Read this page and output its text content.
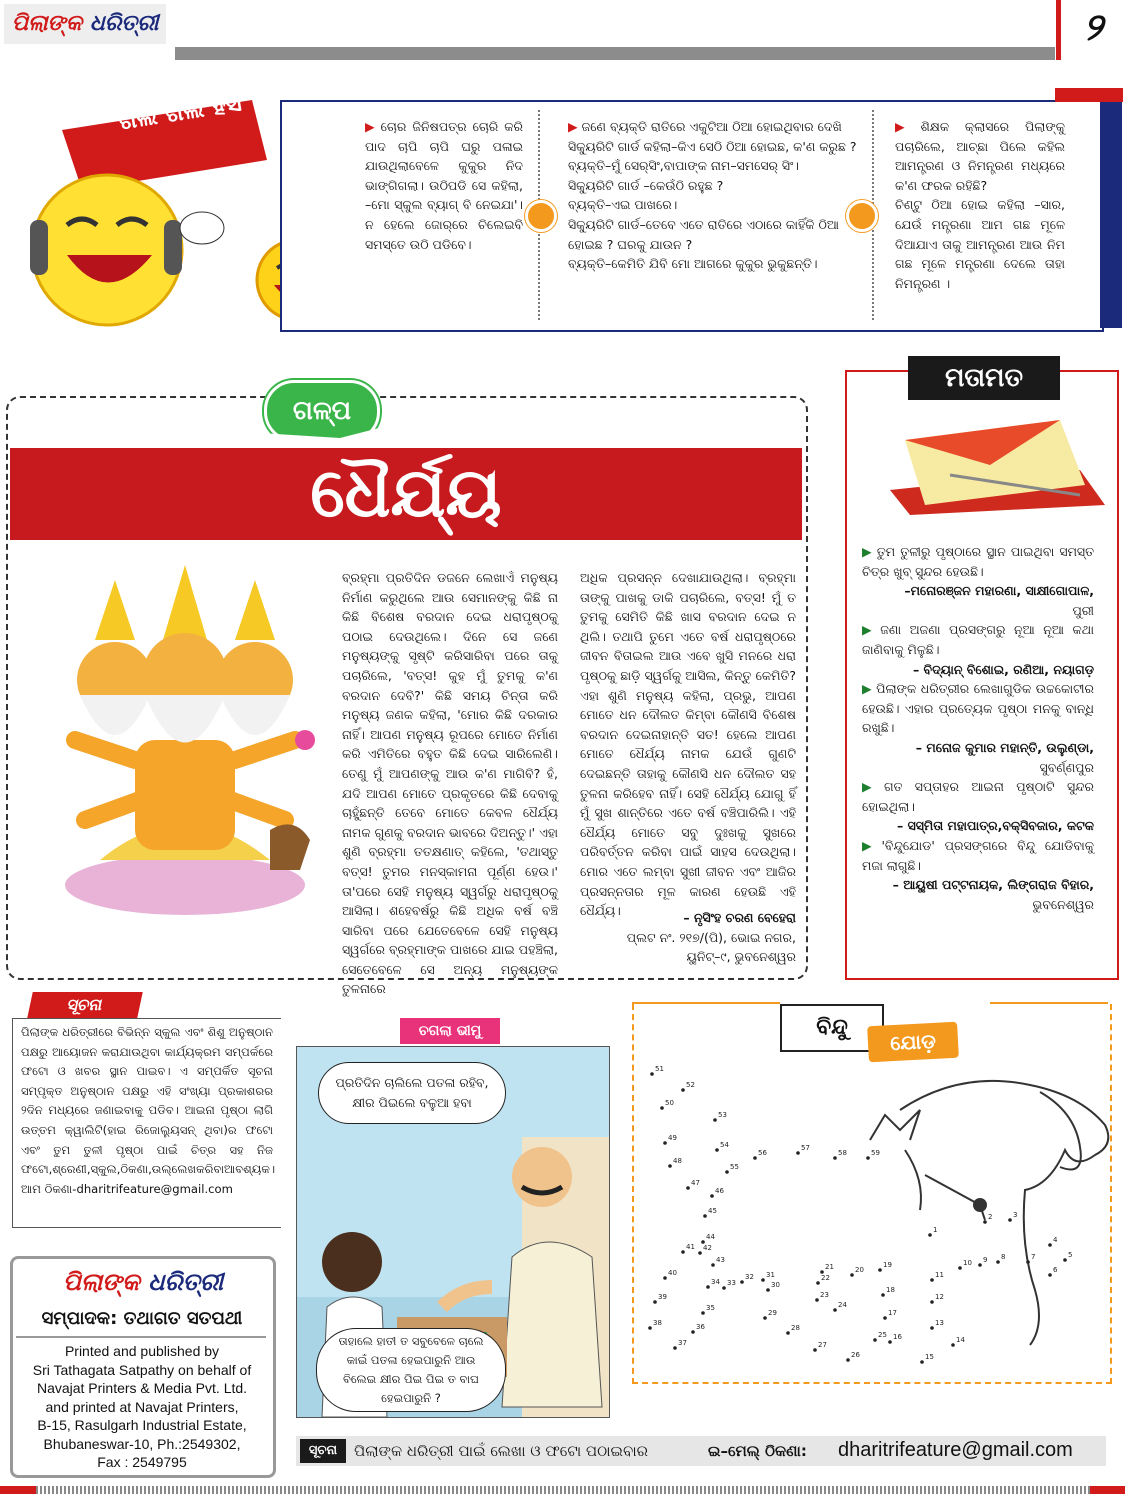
ପିଲାଙ୍କ ଧରିତ୍ରୀ	୨
ଖିଲି ଖିଲି ହସ	▶ ଚୋର ଜିନିଷପତ୍ର ଚୋରି କରି ପାଦ ଚାପି ଚାପି ଘରୁ ପଳାଇ ଯାଉଥିଲାବେଳେ କୁକୁର ନିଦ ଭାଙ୍ଗିଗଲା। ଉଠିପଡି ସେ କହିଲା, –ମୋ ସ୍କୁଲ ବ୍ୟାଗ୍ ବି ନେଇଯା'। ନ ହେଲେ ଜୋର୍‌ରେ ଚିଲେଇବି ସମସ୍ତେ ଉଠି ପଡିବେ।
▶ ଜଣେ ବ୍ୟକ୍ତି ରାତିରେ ଏକୁଟିଆ ଠିଆ ହୋଇଥିବାର ଦେଖି ସିକ୍ୟୁରିଟି ଗାର୍ଡ କହିଲା–କିଏ ସେଠି ଠିଆ ହୋଇଛ, କ'ଣ କରୁଛ ?
ବ୍ୟକ୍ତି–ମୁଁ ସେର୍‌ସିଂ,ବାପାଙ୍କ ନାମ–ସମସେର୍ ସିଂ।
ସିକ୍ୟୁରିଟି ଗାର୍ଡ –କେଉଁଠି ରହୁଛ ?
ବ୍ୟକ୍ତି–ଏଇ ପାଖରେ।
ସିକ୍ୟୁରିଟି ଗାର୍ଡ–ତେବେ ଏତେ ରାତିରେ ଏଠାରେ କାହିଁକି ଠିଆ ହୋଇଛ ? ଘରକୁ ଯାଉନ ?
ବ୍ୟକ୍ତି–କେମିତି ଯିବି ମୋ ଆଗରେ କୁକୁର ଭୁକୁଛନ୍ତି।
▶ ଶିକ୍ଷକ କ୍ଲାସରେ ପିଲାଙ୍କୁ ପଚାରିଲେ, ଆଚ୍ଛା ପିଲେ କହିଲ ଆମନ୍ତ୍ରଣ ଓ ନିମନ୍ତ୍ରଣ ମଧ୍ୟରେ କ'ଣ ଫରକ ରହିଛି?
ଚିଣ୍ଟୁ ଠିଆ ହୋଇ କହିଲା –ସାର, ଯେଉଁ ମନ୍ତ୍ରଣା ଆମ ଗଛ ମୂଳେ ଦିଆଯାଏ ତାକୁ ଆମନ୍ତ୍ରଣ ଆଉ ନିମ ଗଛ ମୂଳେ ମନ୍ତ୍ରଣା ଦେଲେ ତାହା ନିମନ୍ତ୍ରଣ ।
ଗଳ୍ପ
ଧୈର୍ଯ୍ୟ

ବ୍ରହ୍ମା ପ୍ରତିଦିନ ଡଜନେ ଲେଖାଏଁ ମନୁଷ୍ୟ ନିର୍ମାଣ କରୁଥିଲେ ଆଉ ସେମାନଙ୍କୁ କିଛି ନା କିଛି ବିଶେଷ ବରଦାନ ଦେଇ ଧରାପୃଷ୍ଠକୁ ପଠାଇ ଦେଉଥିଲେ। ଦିନେ ସେ ଜଣେ ମନୁଷ୍ୟଙ୍କୁ ସୃଷ୍ଟି କରିସାରିବା ପରେ ତାକୁ ପଚାରିଲେ, 'ବତ୍ସ! କୁହ ମୁଁ ତୁମକୁ କ'ଣ ବରଦାନ ଦେବି?' କିଛି ସମୟ ଚିନ୍ତା କରି ମନୁଷ୍ୟ ଜଣକ କହିଲା, 'ମୋର କିଛି ଦରକାର ନାହିଁ। ଆପଣ ମନୁଷ୍ୟ ରୂପରେ ମୋତେ ନିର୍ମାଣ କରି ଏମିତିରେ ବହୁତ କିଛି ଦେଇ ସାରିଲେଣି। ତେଣୁ ମୁଁ ଆପଣଙ୍କୁ ଆଉ କ'ଣ ମାଗିବି? ହଁ, ଯଦି ଆପଣ ମୋତେ ପ୍ରକୃତରେ କିଛି ଦେବାକୁ ଚାହୁଁଛନ୍ତି ତେବେ ମୋତେ କେବଳ ଧୈର୍ଯ୍ୟ ନାମକ ଗୁଣକୁ ବରଦାନ ଭାବରେ ଦିଅନ୍ତୁ।' ଏହା ଶୁଣି ବ୍ରହ୍ମା ତତକ୍ଷଣାତ୍ କହିଲେ, 'ତଥାସ୍ତୁ ବତ୍ସ! ତୁମର ମନସ୍କାମନା ପୂର୍ଣ୍ଣ ହେଉ।' ତା'ପରେ ସେହି ମନୁଷ୍ୟ ସ୍ୱର୍ଗରୁ ଧରାପୃଷ୍ଠକୁ ଆସିଲା। ଶହେବର୍ଷରୁ କିଛି ଅଧିକ ବର୍ଷ ବଞ୍ଚି ସାରିବା ପରେ ଯେତେବେଳେ ସେହି ମନୁଷ୍ୟ ସ୍ୱର୍ଗରେ ବ୍ରହ୍ମାଙ୍କ ପାଖରେ ଯାଇ ପହଞ୍ଚିଲା, ସେତେବେଳେ ସେ ଅନ୍ୟ ମନୁଷ୍ୟଙ୍କ ତୁଳନାରେ

ଅଧିକ ପ୍ରସନ୍ନ ଦେଖାଯାଉଥିଲା। ବ୍ରହ୍ମା ତାଙ୍କୁ ପାଖକୁ ଡାକି ପଚାରିଲେ, ବତ୍ସ! ମୁଁ ତ ତୁମକୁ ସେମିତି କିଛି ଖାସ ବରଦାନ ଦେଇ ନ ଥିଲି। ତଥାପି ତୁମେ ଏତେ ବର୍ଷ ଧରାପୃଷ୍ଠରେ ଜୀବନ ବିତାଇଲ ଆଉ ଏବେ ଖୁସି ମନରେ ଧରା ପୃଷ୍ଠକୁ ଛାଡ଼ି ସ୍ୱର୍ଗକୁ ଆସିଲ, କିନ୍ତୁ କେମିତି? ଏହା ଶୁଣି ମନୁଷ୍ୟ କହିଲା, ପ୍ରଭୁ, ଆପଣ ମୋତେ ଧନ ଦୌଲତ କିମ୍ବା କୌଣସି ବିଶେଷ ବରଦାନ ଦେଇନାହାନ୍ତି ସତ! ହେଲେ ଆପଣ ମୋତେ ଧୈର୍ଯ୍ୟ ନାମକ ଯେଉଁ ଗୁଣଟି ଦେଇଛନ୍ତି ତାହାକୁ କୌଣସି ଧନ ଦୌଲତ ସହ ତୁଳନା କରିହେବ ନାହିଁ। ସେହି ଧୈର୍ଯ୍ୟ ଯୋଗୁ ହିଁ ମୁଁ ସୁଖ ଶାନ୍ତିରେ ଏତେ ବର୍ଷ ବଞ୍ଚିପାରିଲି। ଏହି ଧୈର୍ଯ୍ୟ ମୋତେ ସବୁ ଦୁଃଖକୁ ସୁଖରେ ପରିବର୍ତ୍ତନ କରିବା ପାଇଁ ସାହସ ଦେଉଥିଲା। ମୋର ଏତେ ଲମ୍ବା ସୁଖୀ ଜୀବନ ଏବଂ ଆଜିର ପ୍ରସନ୍ନତାର ମୂଳ କାରଣ ହେଉଛି ଏହି ଧୈର୍ଯ୍ୟ।	– ନୃସିଂହ ଚରଣ ବେହେରା
ପ୍ଲଟ ନଂ. ୨୧୭/(ପି), ଭୋଇ ନଗର,
ୟୁନିଟ୍–୯, ଭୁବନେଶ୍ୱର
ମତାମତ
▶ ତୁମ ତୁଳୀରୁ ପୃଷ୍ଠାରେ ସ୍ଥାନ ପାଇଥିବା ସମସ୍ତ ଚିତ୍ର ଖୁବ୍ ସୁନ୍ଦର ହେଉଛି।
–ମନୋରଞ୍ଜନ ମହାରଣା, ସାକ୍ଷୀଗୋପାଳ,
ପୁରୀ
▶ ଜଣା ଅଜଣା ପ୍ରସଙ୍ଗରୁ ନୂଆ ନୂଆ କଥା ଜାଣିବାକୁ ମିଳୁଛି।
– ବିଦ୍ୟାନ୍ ବିଶୋଇ, ରଣିଆ, ନୟାଗଡ଼
▶ ପିଲାଙ୍କ ଧରିତ୍ରୀର ଲେଖାଗୁଡିକ ଉଚ୍ଚକୋଟୀର ହେଉଛି। ଏହାର ପ୍ରତ୍ୟେକ ପୃଷ୍ଠା ମନକୁ ବାନ୍ଧି ରଖୁଛି।
– ମନୋଜ କୁମାର ମହାନ୍ତି, ଉଲୁଣ୍ଡା,
ସୁବର୍ଣ୍ଣପୁର
▶ ଗତ ସପ୍ତାହର ଆଇନା ପୃଷ୍ଠାଟି ସୁନ୍ଦର ହୋଇଥିଲା।
– ସସ୍ମିତା ମହାପାତ୍ର,ବକ୍ସିବଜାର, କଟକ
▶ 'ବିନ୍ଦୁଯୋଡ' ପ୍ରସଙ୍ଗରେ ବିନ୍ଦୁ ଯୋଡିବାକୁ ମଜା ଲାଗୁଛି।
– ଆୟୁଷୀ ପଟ୍ଟନାୟକ, ଲିଙ୍ଗରାଜ ବିହାର,
ଭୁବନେଶ୍ୱର
ସୂଚନା
ପିଲାଙ୍କ ଧରିତ୍ରୀରେ ବିଭିନ୍ନ ସ୍କୁଲ ଏବଂ ଶିଶୁ ଅନୁଷ୍ଠାନ ପକ୍ଷରୁ ଆୟୋଜନ କରାଯାଉଥିବା କାର୍ଯ୍ୟକ୍ରମ ସମ୍ପର୍କରେ ଫଟୋ ଓ ଖବର ସ୍ଥାନ ପାଇବ। ଏ ସମ୍ପର୍କିତ ସୂଚନା ସମ୍ପୃକ୍ତ ଅନୁଷ୍ଠାନ ପକ୍ଷରୁ ଏହି ସଂଖ୍ୟା ପ୍ରକାଶରର ୨ଦିନ ମଧ୍ୟରେ ଜଣାଇବାକୁ ପଡିବ। ଆଇନା ପୃଷ୍ଠା ଲାଗି ଉତ୍ତମ କ୍ୱାଲିଟି(ହାଇ ରିଜୋଲ୍ୟୁସନ୍ ଥିବା)ର ଫଟୋ ଏବଂ ତୁମ ତୁଳୀ ପୃଷ୍ଠା ପାଇଁ ଚିତ୍ର ସହ ନିଜ ଫଟୋ,ଶ୍ରେଣୀ,ସ୍କୁଲ,ଠିକଣା,ଉଲ୍ଲେଖକରିବାଆବଶ୍ୟକ।
ଆମ ଠିକଣା-dharitrifeature@gmail.com
ପିଲାଙ୍କ ଧରିତ୍ରୀ
ସମ୍ପାଦକ: ତଥାଗତ ସତପଥୀ
Printed and published by
Sri Tathagata Satpathy on behalf of
Navajat Printers & Media Pvt. Ltd.
and printed at Navajat Printers,
B-15, Rasulgarh Industrial Estate,
Bhubaneswar-10, Ph.:2549302,
Fax : 2549795
ଚଗଲା ଭୀମୁ
ପ୍ରତିଦିନ ଚାଲିଲେ ପତଳା ରହିବ, କ୍ଷୀର ପିଇଲେ ବଳୁଆ ହବା
ତାହାଲେ ହାତୀ ତ ସବୁବେଳେ ଚାଲେ କାଇଁ ପତଳା ହେଇପାରୁନି ଆଉ ବିଲେଇ କ୍ଷୀର ପିଇ ପିଇ ତ ବାଘ ହେଇପାରୁନି ?
ବିନ୍ଦୁ
ଯୋଡ଼
1
2	3
4
5
6
7
8
9
10
11
12
13
14
15
16
17
18
19
20
21
22
23
24
25
26
27
28
29
30
31
32
33
34
35
36
37
38
39
40
41 42
43
44
45
46
47
48
49
50
51
52
53
54
55
56
57
58	59
ସୂଚନା	ପିଲାଙ୍କ ଧରିତ୍ରୀ ପାଇଁ ଲେଖା ଓ ଫଟୋ ପଠାଇବାର	ଇ–ମେଲ୍ ଠିକଣା:	dharitrifeature@gmail.com
